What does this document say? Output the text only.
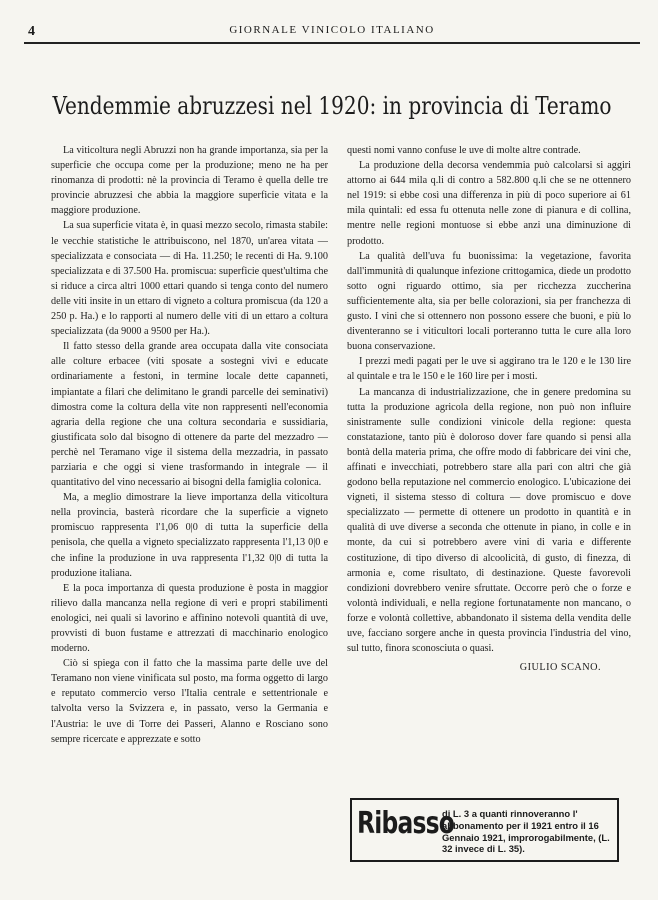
4	GIORNALE VINICOLO ITALIANO
Vendemmie abruzzesi nel 1920: in provincia di Teramo

La viticoltura negli Abruzzi non ha grande importanza, sia per la superficie che occupa come per la produzione; meno ne ha per rinomanza di prodotti: nè la provincia di Teramo è quella delle tre provincie abruzzesi che abbia la maggiore superficie vitata e la maggiore produzione.

La sua superficie vitata è, in quasi mezzo secolo, rimasta stabile: le vecchie statistiche le attribuiscono, nel 1870, un'area vitata — specializzata e consociata — di Ha. 11.250; le recenti di Ha. 9.100 specializzata e di 37.500 Ha. promiscua: superficie quest'ultima che si riduce a circa altri 1000 ettari quando si tenga conto del numero delle viti insite in un ettaro di vigneto a coltura promiscua (da 120 a 250 p. Ha.) e lo rapporti al numero delle viti di un ettaro a coltura specializzata (da 9000 a 9500 per Ha.).

Il fatto stesso della grande area occupata dalla vite consociata alle colture erbacee (viti sposate a sostegni vivi e educate ordinariamente a festoni, in termine locale dette capanneti, impiantate a filari che delimitano le grandi parcelle dei seminativi) dimostra come la coltura della vite non rappresenti nell'economia agraria della regione che una coltura secondaria e sussidiaria, giustificata solo dal bisogno di ottenere da parte del mezzadro — perchè nel Teramano vige il sistema della mezzadria, in passato parziaria e che oggi si viene trasformando in integrale — il quantitativo del vino necessario ai bisogni della famiglia colonica.

Ma, a meglio dimostrare la lieve importanza della viticoltura nella provincia, basterà ricordare che la superficie a vigneto promiscuo rappresenta l'1,06 0|0 di tutta la superficie della penisola, che quella a vigneto specializzato rappresenta l'1,13 0|0 e che infine la produzione in uva rappresenta l'1,32 0|0 di tutta la produzione italiana.

E la poca importanza di questa produzione è posta in maggior rilievo dalla mancanza nella regione di veri e propri stabilimenti enologici, nei quali si lavorino e affinino notevoli quantità di uve, provvisti di buon fustame e attrezzati di macchinario enologico moderno.

Ciò si spiega con il fatto che la massima parte delle uve del Teramano non viene vinificata sul posto, ma forma oggetto di largo e reputato commercio verso l'Italia centrale e settentrionale e talvolta verso la Svizzera e, in passato, verso la Germania e l'Austria: le uve di Torre dei Passeri, Alanno e Rosciano sono sempre ricercate e apprezzate e sotto

questi nomi vanno confuse le uve di molte altre contrade.

La produzione della decorsa vendemmia può calcolarsi si aggiri attorno ai 644 mila q.li di contro a 582.800 q.li che se ne ottennero nel 1919: si ebbe così una differenza in più di poco superiore ai 61 mila quintali: ed essa fu ottenuta nelle zone di pianura e di collina, mentre nelle regioni montuose si ebbe anzi una diminuzione di prodotto.

La qualità dell'uva fu buonissima: la vegetazione, favorita dall'immunità di qualunque infezione crittogamica, diede un prodotto sotto ogni riguardo ottimo, sia per ricchezza zuccherina sufficientemente alta, sia per belle colorazioni, sia per franchezza di gusto. I vini che si ottennero non possono essere che buoni, e più lo diventeranno se i viticultori locali porteranno tutta le cure alla loro buona conservazione.

I prezzi medi pagati per le uve si aggirano tra le 120 e le 130 lire al quintale e tra le 150 e le 160 lire per i mosti.

La mancanza di industrializzazione, che in genere predomina su tutta la produzione agricola della regione, non può non influire sinistramente sulle condizioni vinicole della regione: questa constatazione, tanto più è doloroso dover fare quando si pensi alla bontà della materia prima, che offre modo di fabbricare dei vini che, affinati e invecchiati, potrebbero stare alla pari con altri che già godono bella reputazione nel commercio enologico. L'ubicazione dei vigneti, il sistema stesso di coltura — dove promiscuo e dove specializzato — permette di ottenere un prodotto in quantità e in qualità di uve diverse a seconda che ottenute in piano, in colle e in monte, da cui si potrebbero avere vini di varia e differente costituzione, di tipo diverso di alcoolicità, di gusto, di finezza, di armonia e, come risultato, di destinazione. Queste favorevoli condizioni dovrebbero venire sfruttate. Occorre però che o forze e volontà individuali, e nella regione fortunatamente non mancano, o forze e volontà collettive, abbandonato il sistema della vendita delle uve, facciano sorgere anche in questa provincia l'industria del vino, sul tutto, finora sconosciuta o quasi.

GIULIO SCANO.
Ribasso
di L. 3 a quanti rinnoveranno l' abbonamento per il 1921 entro il 16 Gennaio 1921, improrogabilmente, (L. 32 invece di L. 35).
